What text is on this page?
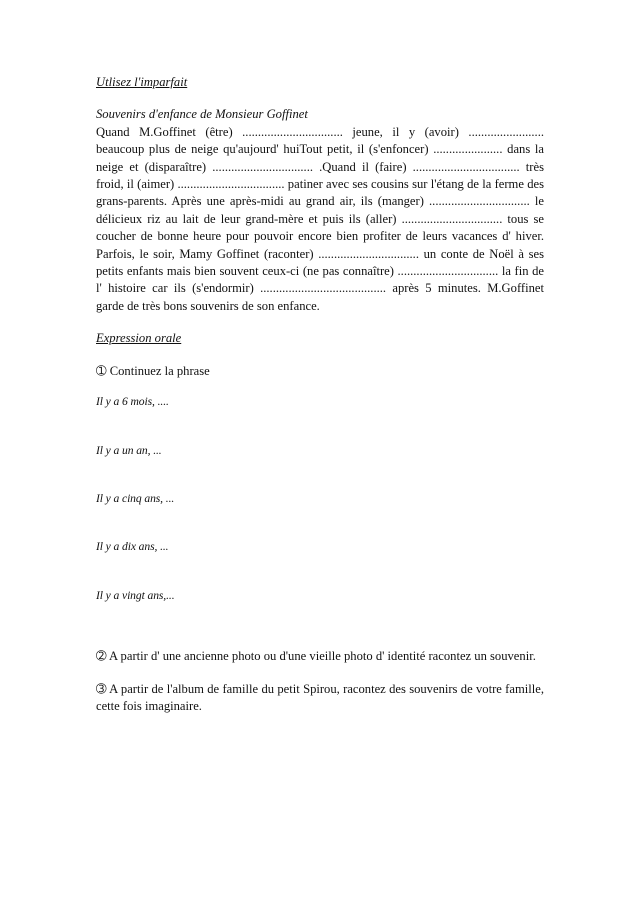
Utlisez l'imparfait

Souvenirs d'enfance de Monsieur Goffinet

Quand M.Goffinet (être) ................................ jeune, il y (avoir) ........................ beaucoup plus de neige qu'aujourd' huiTout petit, il (s'enfoncer) ...................... dans la neige et (disparaître) ................................ .Quand il (faire) .................................. très froid, il (aimer) .................................. patiner avec ses cousins sur l'étang de la ferme des grans-parents. Après une après-midi au grand air, ils (manger) ................................ le délicieux riz au lait de leur grand-mère et puis ils (aller) ................................ tous se coucher de bonne heure pour pouvoir encore bien profiter de leurs vacances d' hiver. Parfois, le soir, Mamy Goffinet (raconter) ................................ un conte de Noël à ses petits enfants mais bien souvent ceux-ci (ne pas connaître) ................................ la fin de l' histoire car ils (s'endormir) ........................................ après 5 minutes. M.Goffinet garde de très bons souvenirs de son enfance.

Expression orale

➀ Continuez la phrase

Il y a 6 mois, ....

Il y a un an, ...

Il y a cinq ans, ...

Il y a dix ans, ...

Il y a vingt ans,...

➁ A partir d' une ancienne photo ou d'une vieille photo d' identité racontez un souvenir.

➂ A partir de l'album de famille du petit Spirou, racontez des souvenirs de votre famille, cette fois imaginaire.
